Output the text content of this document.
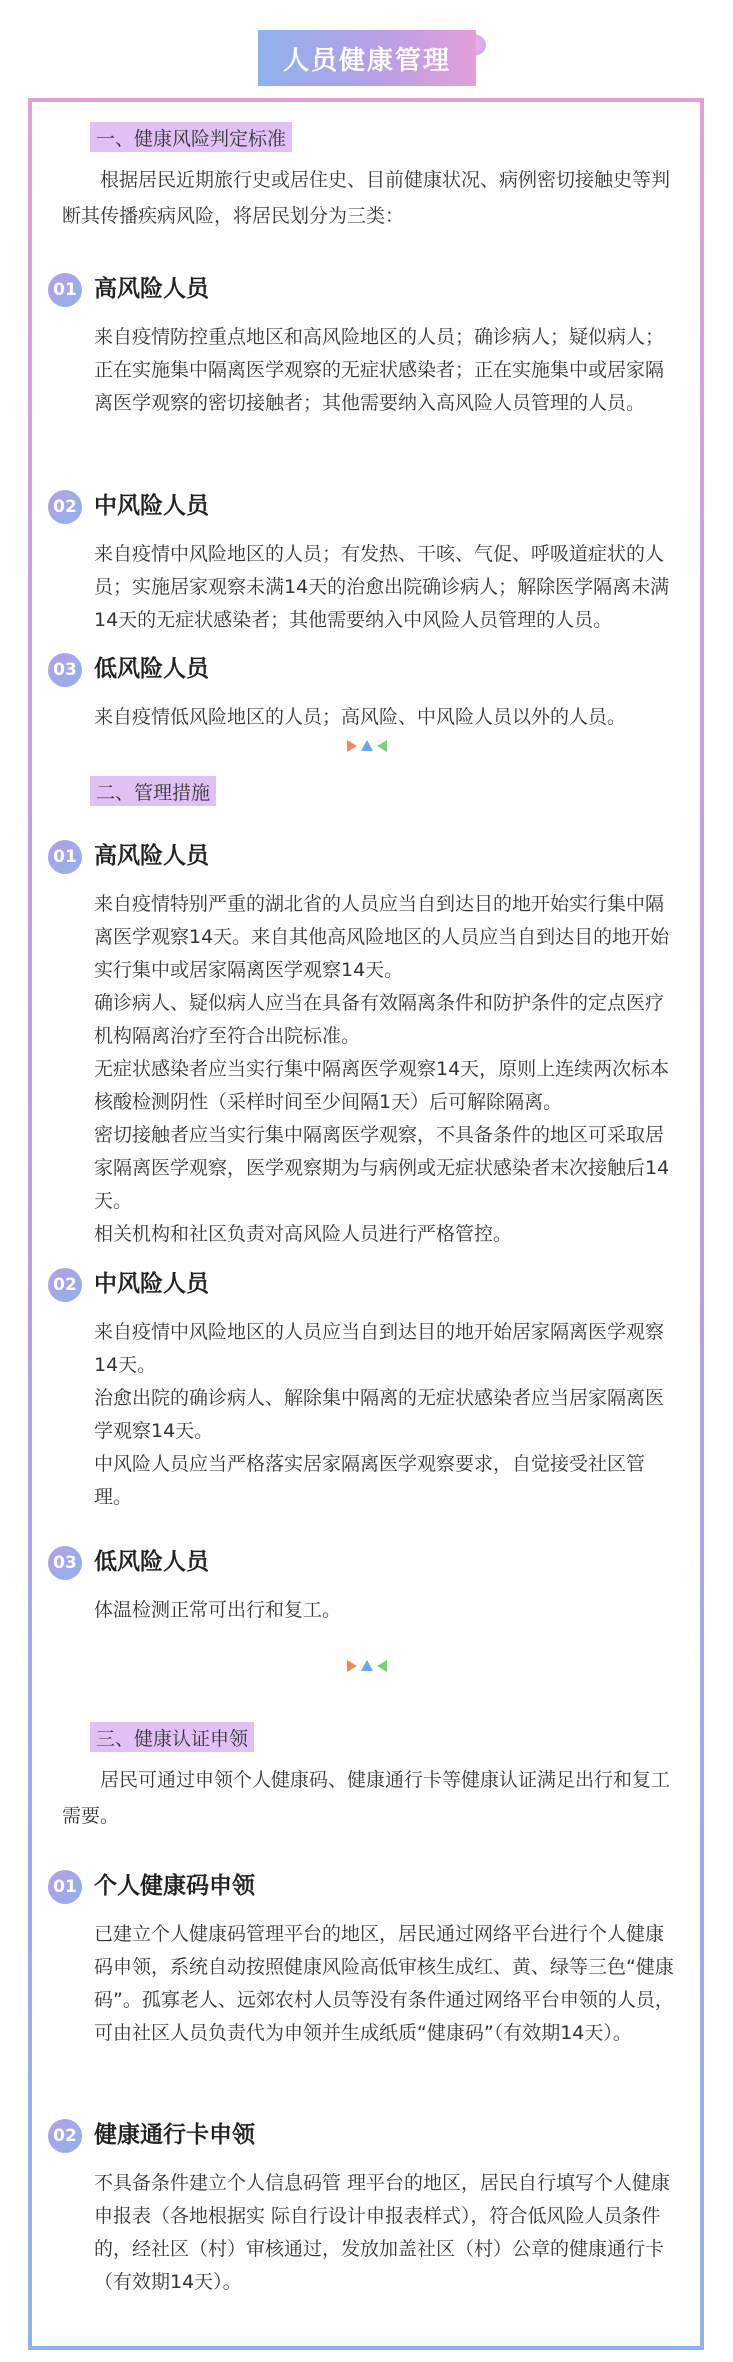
人员健康管理
一、健康风险判定标准
根据居民近期旅行史或居住史、目前健康状况、病例密切接触史等判断其传播疾病风险，将居民划分为三类：
01 高风险人员

来自疫情防控重点地区和高风险地区的人员；确诊病人；疑似病人；正在实施集中隔离医学观察的无症状感染者；正在实施集中或居家隔离医学观察的密切接触者；其他需要纳入高风险人员管理的人员。

02 中风险人员

来自疫情中风险地区的人员；有发热、干咳、气促、呼吸道症状的人员；实施居家观察未满14天的治愈出院确诊病人；解除医学隔离未满14天的无症状感染者；其他需要纳入中风险人员管理的人员。

03 低风险人员

来自疫情低风险地区的人员；高风险、中风险人员以外的人员。

二、管理措施
01 高风险人员

来自疫情特别严重的湖北省的人员应当自到达目的地开始实行集中隔离医学观察14天。来自其他高风险地区的人员应当自到达目的地开始实行集中或居家隔离医学观察14天。

确诊病人、疑似病人应当在具备有效隔离条件和防护条件的定点医疗机构隔离治疗至符合出院标准。

无症状感染者应当实行集中隔离医学观察14天，原则上连续两次标本核酸检测阴性（采样时间至少间隔1天）后可解除隔离。

密切接触者应当实行集中隔离医学观察，不具备条件的地区可采取居家隔离医学观察，医学观察期为与病例或无症状感染者末次接触后14天。

相关机构和社区负责对高风险人员进行严格管控。

02 中风险人员

来自疫情中风险地区的人员应当自到达目的地开始居家隔离医学观察14天。

治愈出院的确诊病人、解除集中隔离的无症状感染者应当居家隔离医学观察14天。

中风险人员应当严格落实居家隔离医学观察要求，自觉接受社区管理。

03 低风险人员

体温检测正常可出行和复工。

三、健康认证申领
居民可通过申领个人健康码、健康通行卡等健康认证满足出行和复工需要。
01 个人健康码申领

已建立个人健康码管理平台的地区，居民通过网络平台进行个人健康码申领，系统自动按照健康风险高低审核生成红、黄、绿等三色“健康码”。孤寡老人、远郊农村人员等没有条件通过网络平台申领的人员，可由社区人员负责代为申领并生成纸质“健康码”（有效期14天）。

02 健康通行卡申领

不具备条件建立个人信息码管 理平台的地区，居民自行填写个人健康申报表（各地根据实 际自行设计申报表样式），符合低风险人员条件的，经社区（村）审核通过，发放加盖社区（村）公章的健康通行卡（有效期14天）。
